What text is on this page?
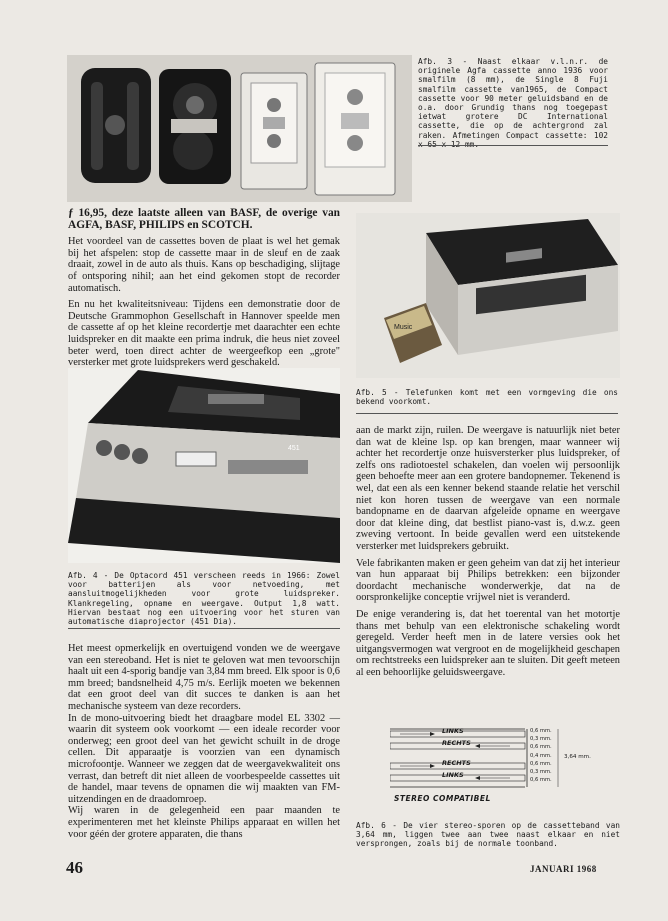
Afb. 3 - Naast elkaar v.l.n.r. de originele Agfa cassette anno 1936 voor smalfilm (8 mm), de Single 8 Fuji smalfilm cassette van1965, de Compact cassette voor 90 meter geluidsband en de o.a. door Grundig thans nog toegepast ietwat grotere DC International cassette, die op de achtergrond zal raken. Afmetingen Compact cassette: 102 x 65 x 12 mm.

ƒ 16,95, deze laatste alleen van BASF, de overige van AGFA, BASF, PHILIPS en SCOTCH.

Het voordeel van de cassettes boven de plaat is wel het gemak bij het afspelen: stop de cassette maar in de sleuf en de zaak draait, zowel in de auto als thuis. Kans op beschadiging, slijtage of ontsporing nihil; aan het eind gekomen stopt de recorder automatisch.

En nu het kwaliteitsniveau: Tijdens een demonstratie door de Deutsche Grammophon Gesellschaft in Hannover speelde men de cassette af op het kleine recordertje met daarachter een echte luidspreker en dit maakte een prima indruk, die heus niet zoveel beter werd, toen direct achter de weergeefkop een „grote" versterker met grote luidsprekers werd geschakeld.

Music
Afb. 5 - Telefunken komt met een vormgeving die ons bekend voorkomt.
451
Afb. 4 - De Optacord 451 verscheen reeds in 1966: Zowel voor batterijen als voor netvoeding, met aansluitmogelijkheden voor grote luidspreker. Klankregeling, opname en weergave. Output 1,8 watt. Hiervan bestaat nog een uitvoering voor het sturen van automatische diaprojector (451 Dia).

Het meest opmerkelijk en overtuigend vonden we de weergave van een stereoband. Het is niet te geloven wat men tevoorschijn haalt uit een 4-sporig bandje van 3,84 mm breed. Elk spoor is 0,6 mm breed; bandsnelheid 4,75 m/s. Eerlijk moeten we bekennen dat een groot deel van dit succes te danken is aan het mechanische systeem van deze recorders.

In de mono-uitvoering biedt het draagbare model EL 3302 — waarin dit systeem ook voorkomt — een ideale recorder voor onderweg; een groot deel van het gewicht schuilt in de droge cellen. Dit apparaatje is voorzien van een dynamisch microfoontje. Wanneer we zeggen dat de weergavekwaliteit ons verrast, dan betreft dit niet alleen de voorbespeelde cassettes uit de handel, maar tevens de opnamen die wij maakten van FM-uitzendingen en de draadomroep.

Wij waren in de gelegenheid een paar maanden te experimenteren met het kleinste Philips apparaat en willen het voor géén der grotere apparaten, die thans

aan de markt zijn, ruilen. De weergave is natuurlijk niet beter dan wat de kleine lsp. op kan brengen, maar wanneer wij achter het recordertje onze huisversterker plus luidspreker, of zelfs ons radiotoestel schakelen, dan voelen wij persoonlijk geen behoefte meer aan een grotere bandopnemer. Tekenend is wel, dat een als een kenner bekend staande relatie het verschil niet kon horen tussen de weergave van een normale bandopname en de daarvan afgeleide opname en weergave door dat kleine ding, dat bestlist piano-vast is, d.w.z. geen zweving vertoont. In beide gevallen werd een uitstekende versterker met luidsprekers gebruikt.

Vele fabrikanten maken er geen geheim van dat zij het interieur van hun apparaat bij Philips betrekken: een bijzonder doordacht mechanische wonderwerkje, dat na de oorspronkelijke conceptie vrijwel niet is veranderd.

De enige verandering is, dat het toerental van het motortje thans met behulp van een elektronische schakeling wordt geregeld. Verder heeft men in de latere versies ook het uitgangsvermogen wat vergroot en de mogelijkheid geschapen om rechtstreeks een luidspreker aan te sluiten. Dit geeft meteen al een behoorlijke geluidsweergave.

LINKS
RECHTS
RECHTS
LINKS
0,6 mm.
0,3 mm.
0,6 mm.
0,4 mm.
0,6 mm.
0,3 mm.
0,6 mm.
3,64 mm.
STEREO COMPATIBEL
Afb. 6 - De vier stereo-sporen op de cassetteband van 3,64 mm, liggen twee aan twee naast elkaar en niet versprongen, zoals bij de normale toonband.
46	JANUARI 1968
